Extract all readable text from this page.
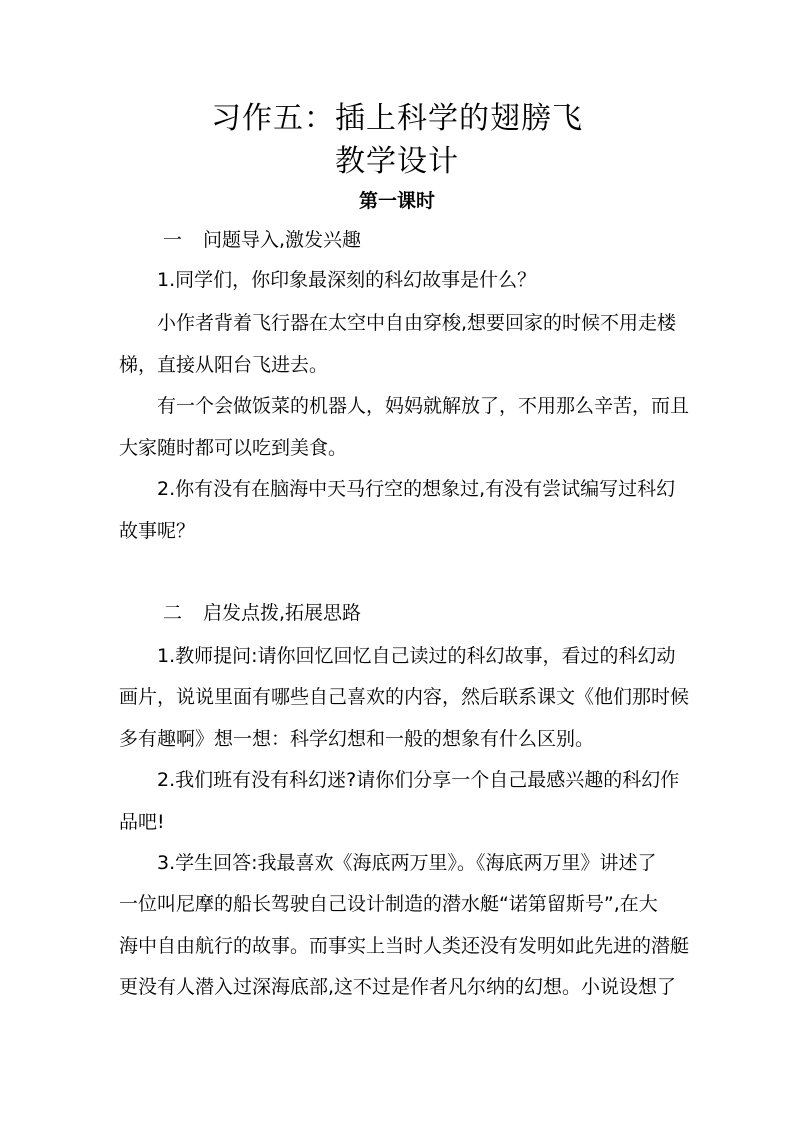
习作五：插上科学的翅膀飞
教学设计
第一课时
一 问题导入,激发兴趣
1.同学们，你印象最深刻的科幻故事是什么？
小作者背着飞行器在太空中自由穿梭,想要回家的时候不用走楼
梯，直接从阳台飞进去。
有一个会做饭菜的机器人，妈妈就解放了，不用那么辛苦，而且
大家随时都可以吃到美食。
2.你有没有在脑海中天马行空的想象过,有没有尝试编写过科幻
故事呢？
二 启发点拨,拓展思路
1.教师提问:请你回忆回忆自己读过的科幻故事，看过的科幻动
画片，说说里面有哪些自己喜欢的内容，然后联系课文《他们那时候
多有趣啊》想一想：科学幻想和一般的想象有什么区别。
2.我们班有没有科幻迷?请你们分享一个自己最感兴趣的科幻作
品吧!
3.学生回答:我最喜欢《海底两万里》。《海底两万里》讲述了
一位叫尼摩的船长驾驶自己设计制造的潜水艇“诺第留斯号”,在大
海中自由航行的故事。而事实上当时人类还没有发明如此先进的潜艇
更没有人潜入过深海底部,这不过是作者凡尔纳的幻想。小说设想了
